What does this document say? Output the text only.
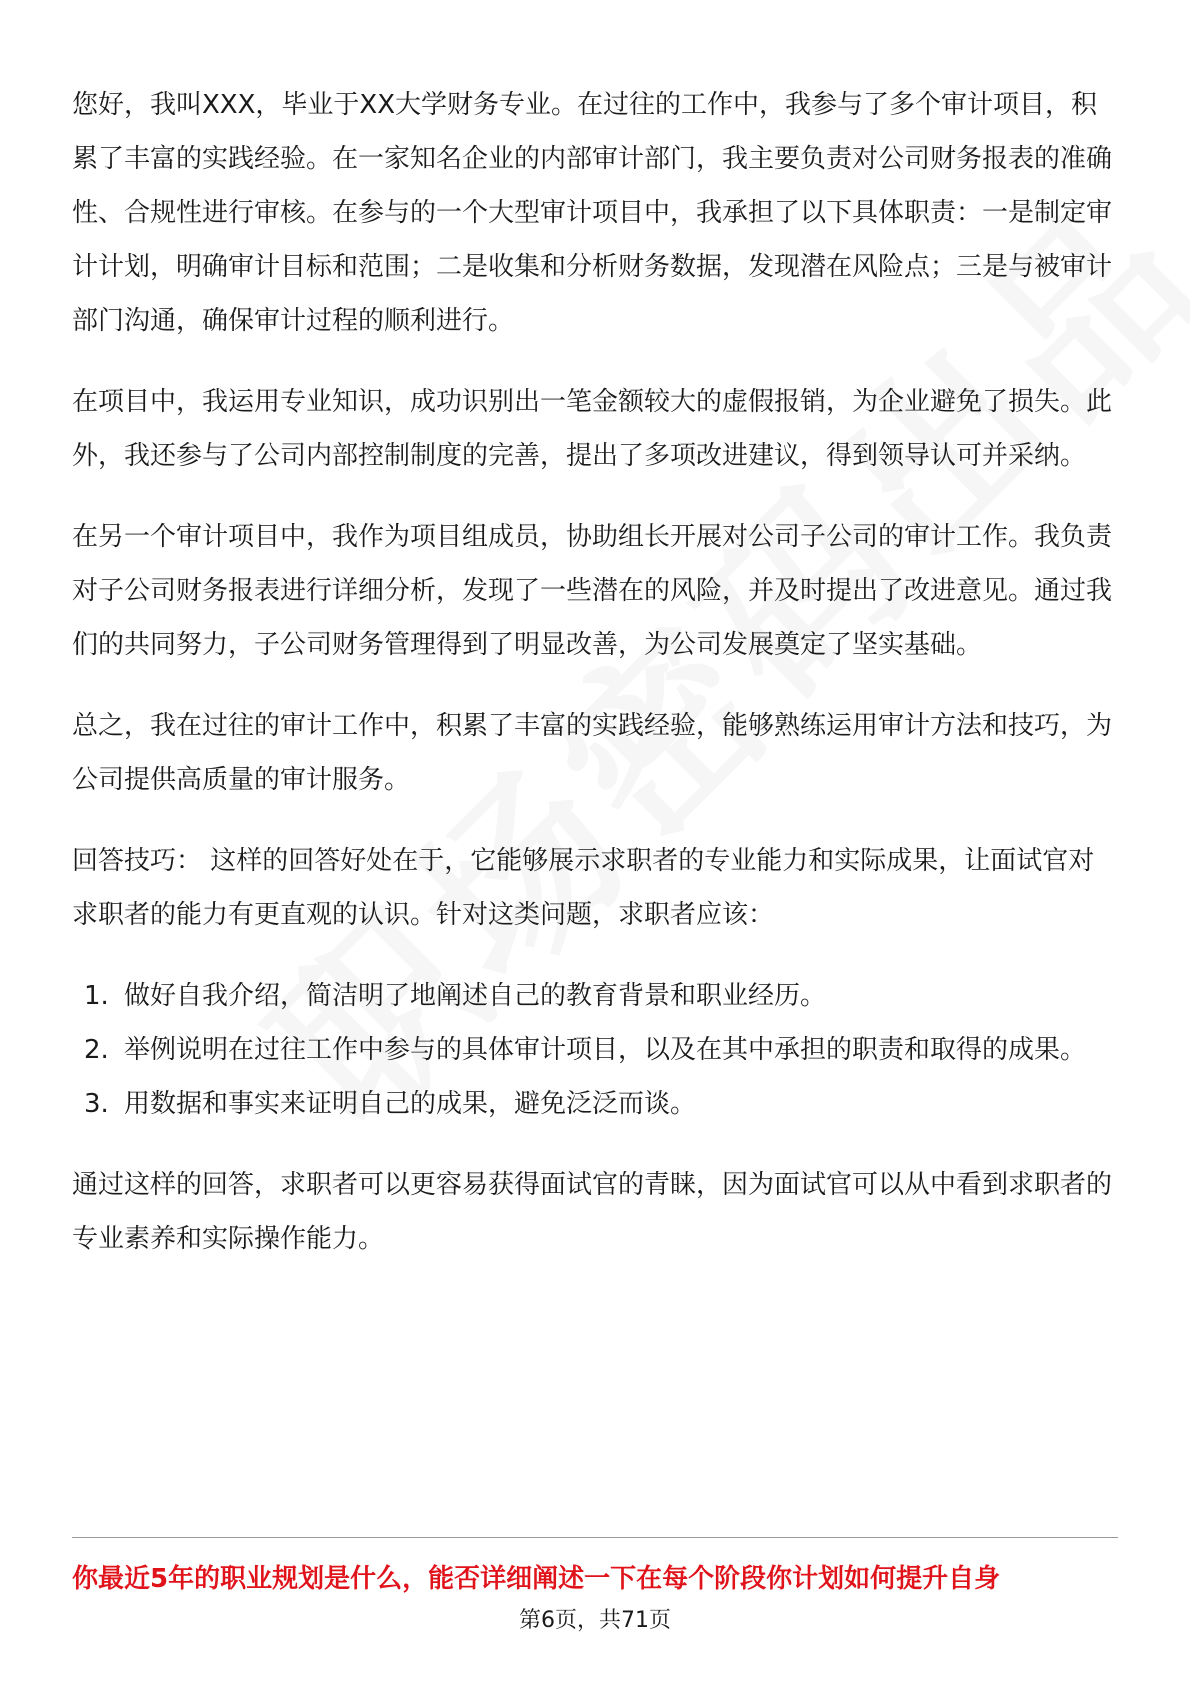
您好，我叫XXX，毕业于XX大学财务专业。在过往的工作中，我参与了多个审计项目，积累了丰富的实践经验。在一家知名企业的内部审计部门，我主要负责对公司财务报表的准确性、合规性进行审核。在参与的一个大型审计项目中，我承担了以下具体职责：一是制定审计计划，明确审计目标和范围；二是收集和分析财务数据，发现潜在风险点；三是与被审计部门沟通，确保审计过程的顺利进行。

在项目中，我运用专业知识，成功识别出一笔金额较大的虚假报销，为企业避免了损失。此外，我还参与了公司内部控制制度的完善，提出了多项改进建议，得到领导认可并采纳。

在另一个审计项目中，我作为项目组成员，协助组长开展对公司子公司的审计工作。我负责对子公司财务报表进行详细分析，发现了一些潜在的风险，并及时提出了改进意见。通过我们的共同努力，子公司财务管理得到了明显改善，为公司发展奠定了坚实基础。

总之，我在过往的审计工作中，积累了丰富的实践经验，能够熟练运用审计方法和技巧，为公司提供高质量的审计服务。

回答技巧： 这样的回答好处在于，它能够展示求职者的专业能力和实际成果，让面试官对求职者的能力有更直观的认识。针对这类问题，求职者应该：

1. 做好自我介绍，简洁明了地阐述自己的教育背景和职业经历。
2. 举例说明在过往工作中参与的具体审计项目，以及在其中承担的职责和取得的成果。
3. 用数据和事实来证明自己的成果，避免泛泛而谈。

通过这样的回答，求职者可以更容易获得面试官的青睐，因为面试官可以从中看到求职者的专业素养和实际操作能力。

你最近5年的职业规划是什么，能否详细阐述一下在每个阶段你计划如何提升自身
第6页，共71页
